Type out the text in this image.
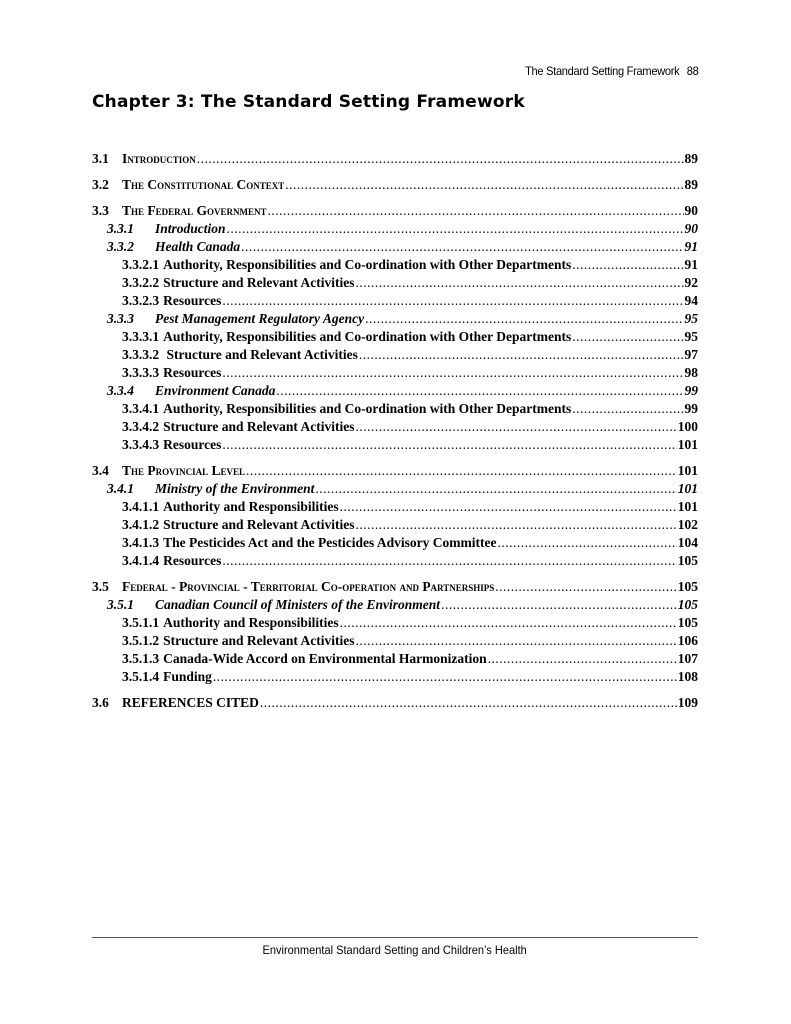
The Standard Setting Framework 88
Chapter 3: The Standard Setting Framework
3.1 Introduction .....	89
3.2 The Constitutional Context .....	89
3.3 The Federal Government .....	90
3.3.1	Introduction .....	90
3.3.2	Health Canada .....	91
3.3.2.1 Authority, Responsibilities and Co-ordination with Other Departments .....	91
3.3.2.2 Structure and Relevant Activities .....	92
3.3.2.3 Resources .....	94
3.3.3	Pest Management Regulatory Agency .....	95
3.3.3.1 Authority, Responsibilities and Co-ordination with Other Departments .....	95
3.3.3.2 Structure and Relevant Activities .....	97
3.3.3.3 Resources .....	98
3.3.4	Environment Canada .....	99
3.3.4.1 Authority, Responsibilities and Co-ordination with Other Departments .....	99
3.3.4.2 Structure and Relevant Activities .....	100
3.3.4.3 Resources .....	101
3.4 The Provincial Level .....	101
3.4.1	Ministry of the Environment .....	101
3.4.1.1 Authority and Responsibilities .....	101
3.4.1.2 Structure and Relevant Activities .....	102
3.4.1.3 The Pesticides Act and the Pesticides Advisory Committee .....	104
3.4.1.4 Resources .....	105
3.5 Federal - Provincial - Territorial Co-operation and Partnerships .....	105
3.5.1	Canadian Council of Ministers of the Environment .....	105
3.5.1.1 Authority and Responsibilities .....	105
3.5.1.2 Structure and Relevant Activities .....	106
3.5.1.3 Canada-Wide Accord on Environmental Harmonization .....	107
3.5.1.4 Funding .....	108
3.6 REFERENCES CITED .....	109
Environmental Standard Setting and Children’s Health
